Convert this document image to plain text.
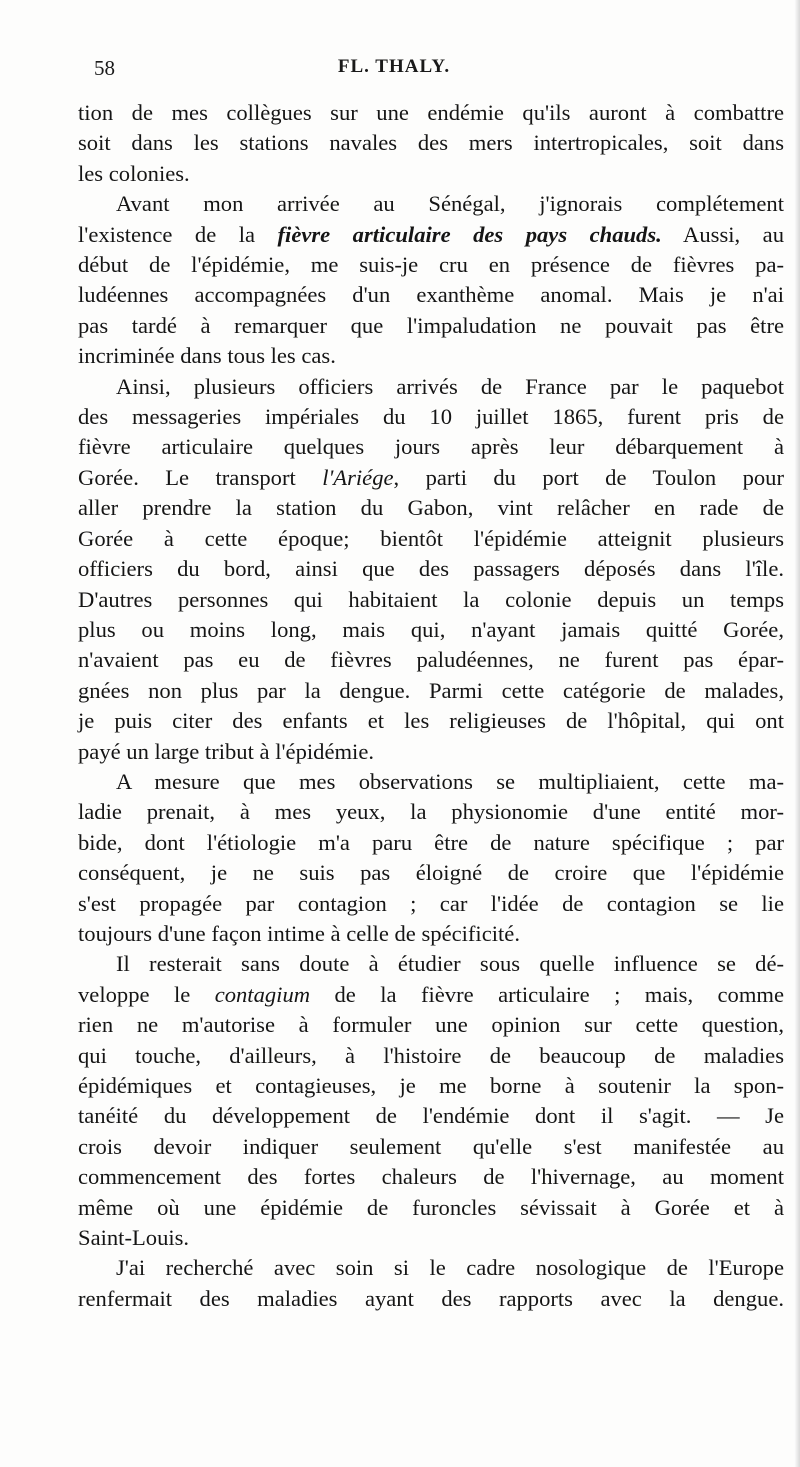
58	FL. THALY.
tion de mes collègues sur une endémie qu'ils auront à combattre
soit dans les stations navales des mers intertropicales, soit dans
les colonies.
Avant mon arrivée au Sénégal, j'ignorais complétement
l'existence de la fièvre articulaire des pays chauds. Aussi, au
début de l'épidémie, me suis-je cru en présence de fièvres pa-
ludéennes accompagnées d'un exanthème anomal. Mais je n'ai
pas tardé à remarquer que l'impaludation ne pouvait pas être
incriminée dans tous les cas.
Ainsi, plusieurs officiers arrivés de France par le paquebot
des messageries impériales du 10 juillet 1865, furent pris de
fièvre articulaire quelques jours après leur débarquement à
Gorée. Le transport l'Ariége, parti du port de Toulon pour
aller prendre la station du Gabon, vint relâcher en rade de
Gorée à cette époque; bientôt l'épidémie atteignit plusieurs
officiers du bord, ainsi que des passagers déposés dans l'île.
D'autres personnes qui habitaient la colonie depuis un temps
plus ou moins long, mais qui, n'ayant jamais quitté Gorée,
n'avaient pas eu de fièvres paludéennes, ne furent pas épar-
gnées non plus par la dengue. Parmi cette catégorie de malades,
je puis citer des enfants et les religieuses de l'hôpital, qui ont
payé un large tribut à l'épidémie.
A mesure que mes observations se multipliaient, cette ma-
ladie prenait, à mes yeux, la physionomie d'une entité mor-
bide, dont l'étiologie m'a paru être de nature spécifique ; par
conséquent, je ne suis pas éloigné de croire que l'épidémie
s'est propagée par contagion ; car l'idée de contagion se lie
toujours d'une façon intime à celle de spécificité.
Il resterait sans doute à étudier sous quelle influence se dé-
veloppe le contagium de la fièvre articulaire ; mais, comme
rien ne m'autorise à formuler une opinion sur cette question,
qui touche, d'ailleurs, à l'histoire de beaucoup de maladies
épidémiques et contagieuses, je me borne à soutenir la spon-
tanéité du développement de l'endémie dont il s'agit. — Je
crois devoir indiquer seulement qu'elle s'est manifestée au
commencement des fortes chaleurs de l'hivernage, au moment
même où une épidémie de furoncles sévissait à Gorée et à
Saint-Louis.
J'ai recherché avec soin si le cadre nosologique de l'Europe
renfermait des maladies ayant des rapports avec la dengue.
